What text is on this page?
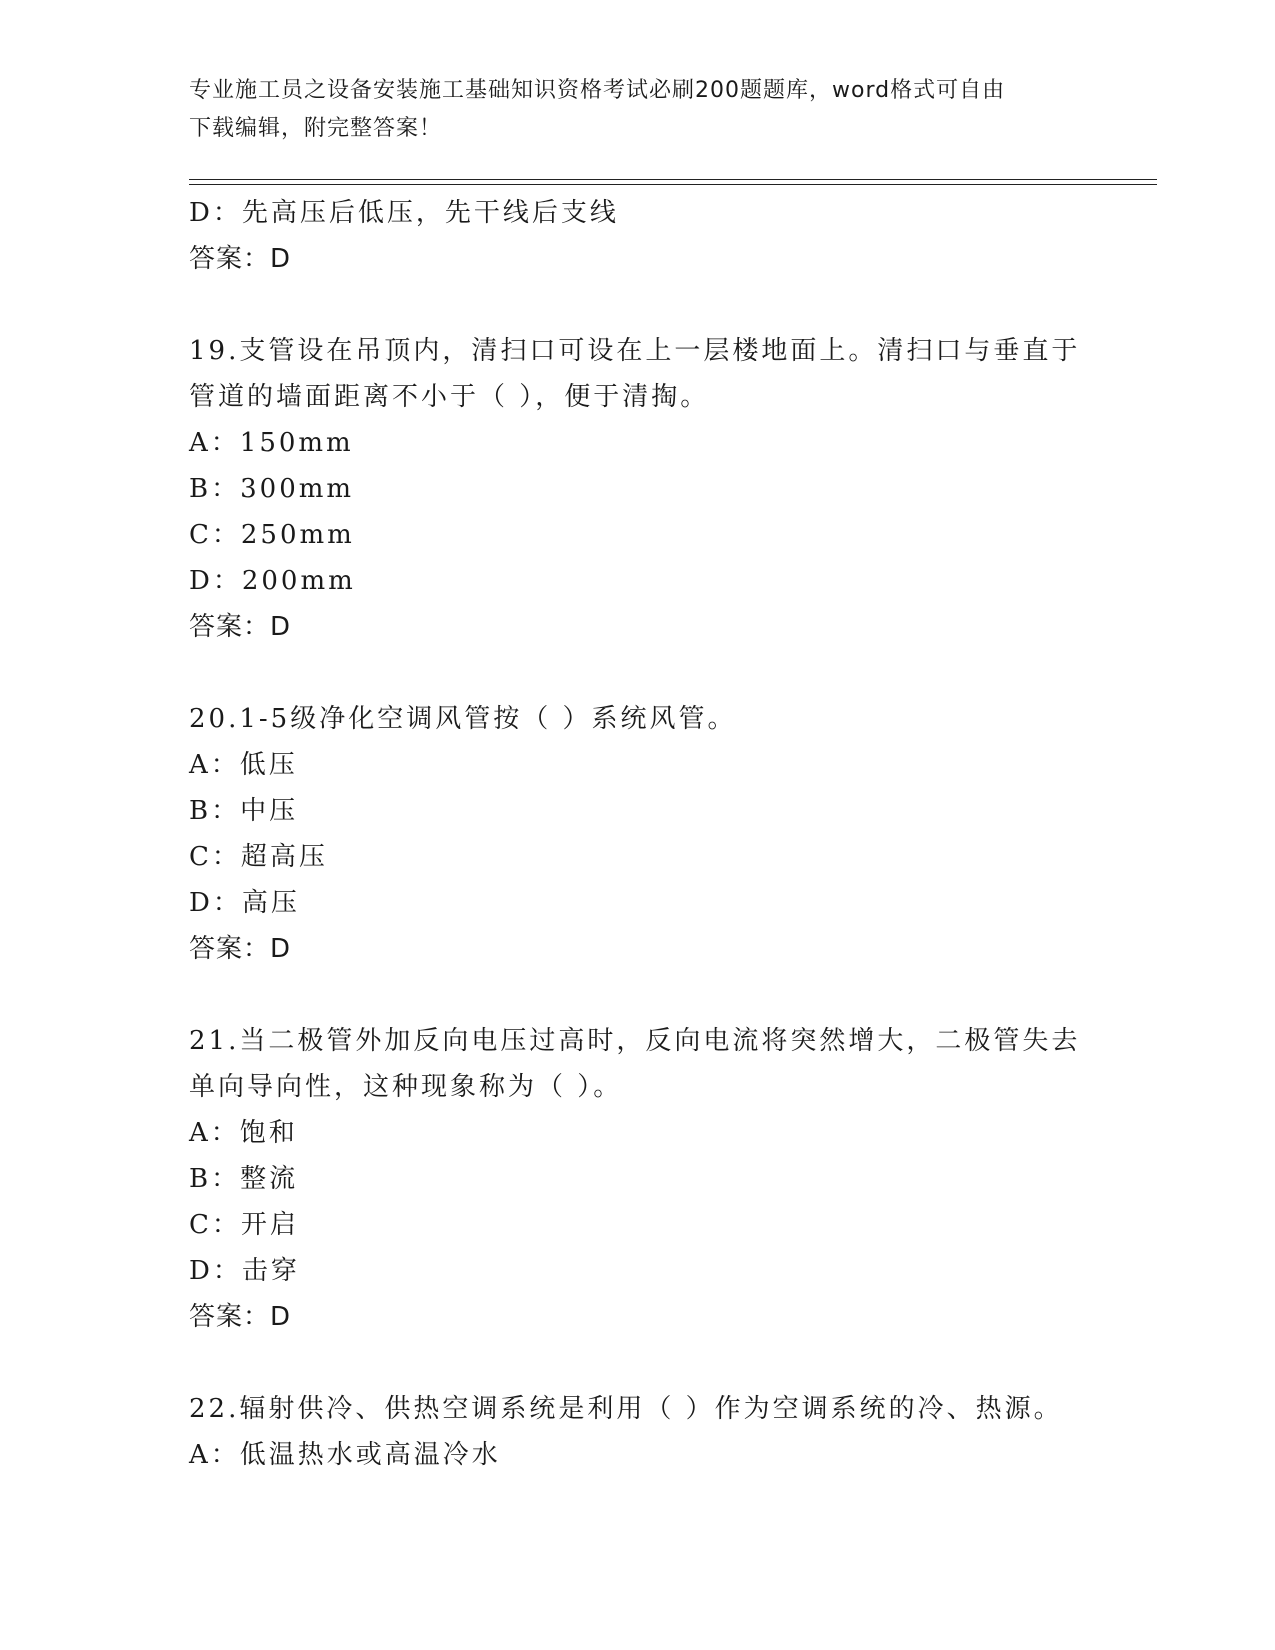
专业施工员之设备安装施工基础知识资格考试必刷200题题库，word格式可自由
下载编辑，附完整答案！
D：先高压后低压，先干线后支线
答案：D
19.支管设在吊顶内，清扫口可设在上一层楼地面上。清扫口与垂直于
管道的墙面距离不小于（ ），便于清掏。
A：150mm
B：300mm
C：250mm
D：200mm
答案：D
20.1-5级净化空调风管按（ ）系统风管。
A：低压
B：中压
C：超高压
D：高压
答案：D
21.当二极管外加反向电压过高时，反向电流将突然增大，二极管失去
单向导向性，这种现象称为（ ）。
A：饱和
B：整流
C：开启
D：击穿
答案：D
22.辐射供冷、供热空调系统是利用（ ）作为空调系统的冷、热源。
A：低温热水或高温冷水
